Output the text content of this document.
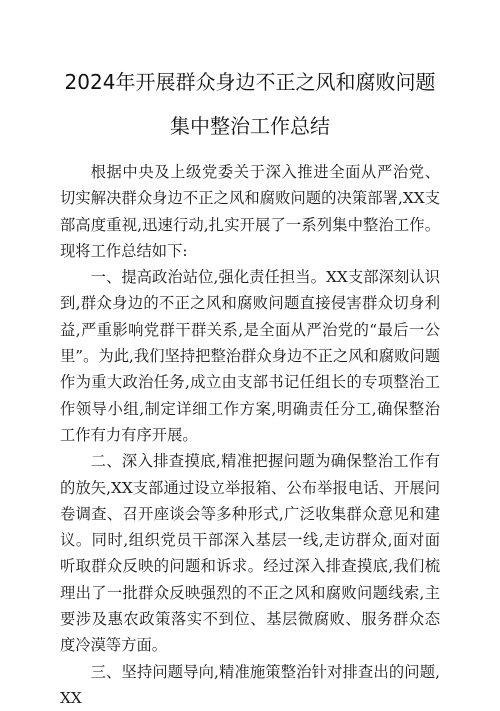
2024年开展群众身边不正之风和腐败问题
集中整治工作总结

根据中央及上级党委关于深入推进全面从严治党、切实解决群众身边不正之风和腐败问题的决策部署,XX支部高度重视,迅速行动,扎实开展了一系列集中整治工作。现将工作总结如下:

一、提高政治站位,强化责任担当。XX支部深刻认识到,群众身边的不正之风和腐败问题直接侵害群众切身利益,严重影响党群干群关系,是全面从严治党的“最后一公里”。为此,我们坚持把整治群众身边不正之风和腐败问题作为重大政治任务,成立由支部书记任组长的专项整治工作领导小组,制定详细工作方案,明确责任分工,确保整治工作有力有序开展。

二、深入排查摸底,精准把握问题为确保整治工作有的放矢,XX支部通过设立举报箱、公布举报电话、开展问卷调查、召开座谈会等多种形式,广泛收集群众意见和建议。同时,组织党员干部深入基层一线,走访群众,面对面听取群众反映的问题和诉求。经过深入排查摸底,我们梳理出了一批群众反映强烈的不正之风和腐败问题线索,主要涉及惠农政策落实不到位、基层微腐败、服务群众态度冷漠等方面。

三、坚持问题导向,精准施策整治针对排查出的问题,XX
